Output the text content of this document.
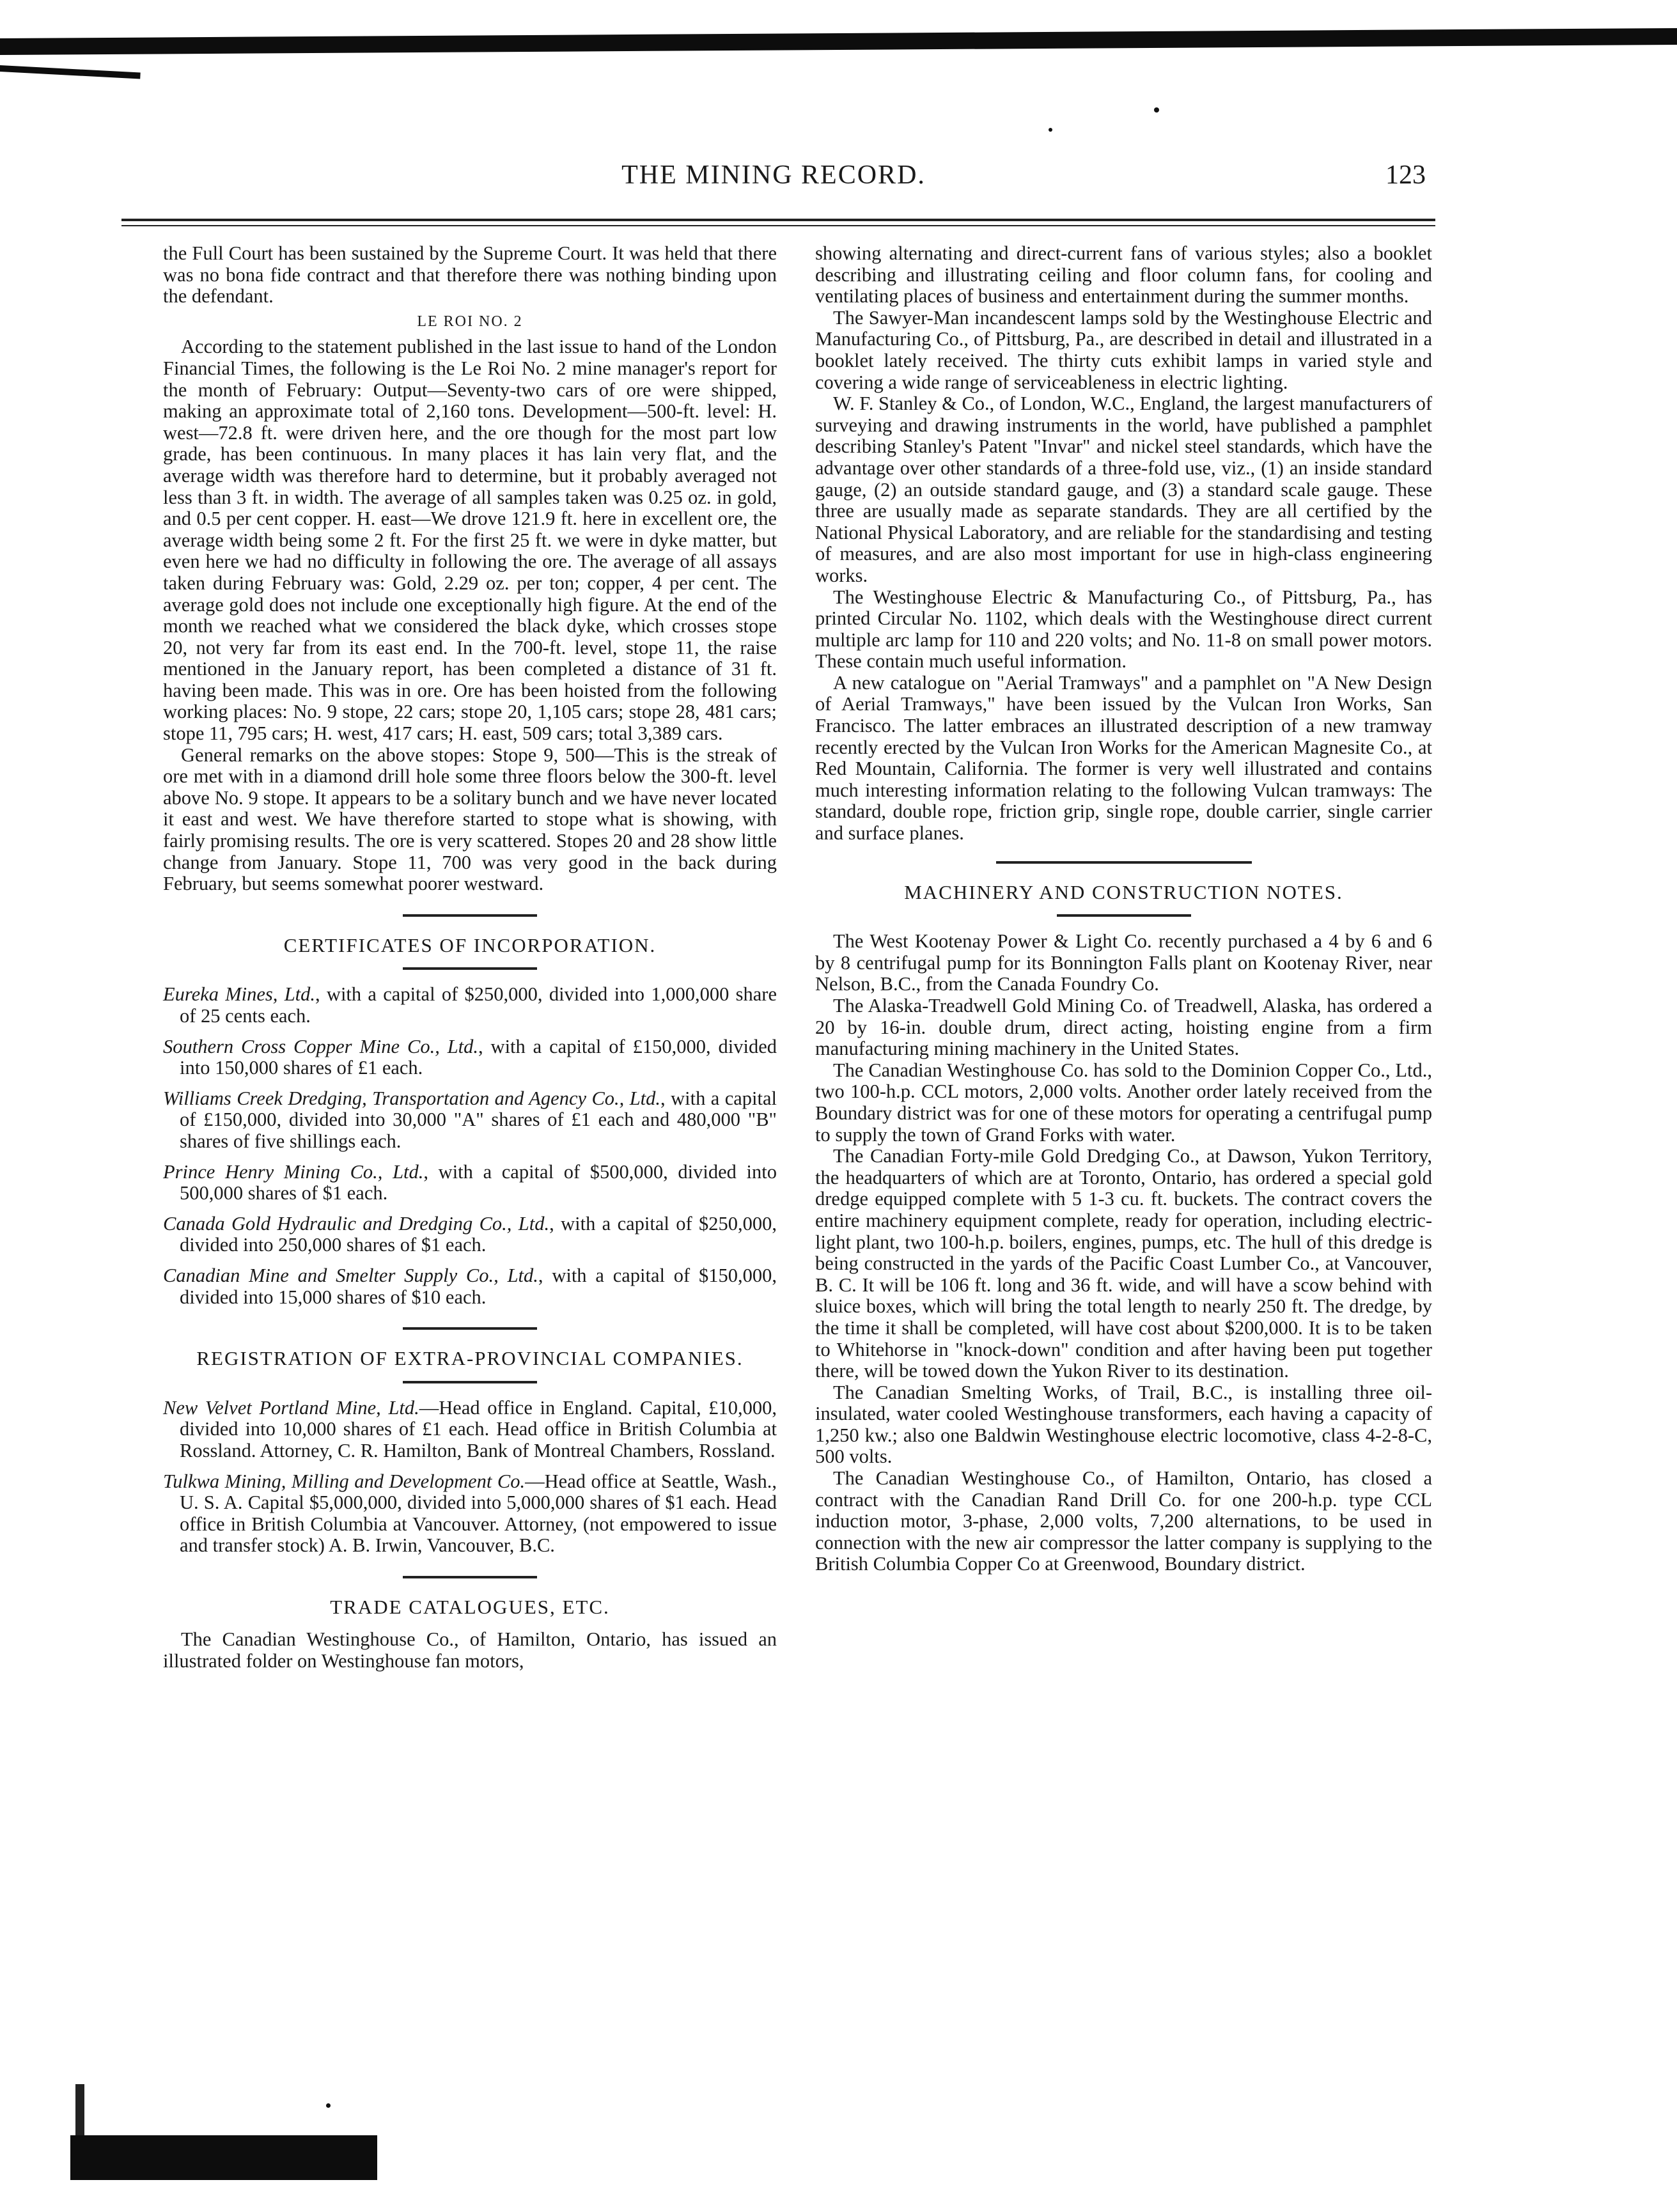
THE MINING RECORD.	123

the Full Court has been sustained by the Supreme Court. It was held that there was no bona fide contract and that therefore there was nothing binding upon the defendant.

LE ROI NO. 2

According to the statement published in the last issue to hand of the London Financial Times, the following is the Le Roi No. 2 mine manager's report for the month of February: Output—Seventy-two cars of ore were shipped, making an approximate total of 2,160 tons. Development—500-ft. level: H. west—72.8 ft. were driven here, and the ore though for the most part low grade, has been continuous. In many places it has lain very flat, and the average width was therefore hard to determine, but it probably averaged not less than 3 ft. in width. The average of all samples taken was 0.25 oz. in gold, and 0.5 per cent copper. H. east—We drove 121.9 ft. here in excellent ore, the average width being some 2 ft. For the first 25 ft. we were in dyke matter, but even here we had no difficulty in following the ore. The average of all assays taken during February was: Gold, 2.29 oz. per ton; copper, 4 per cent. The average gold does not include one exceptionally high figure. At the end of the month we reached what we considered the black dyke, which crosses stope 20, not very far from its east end. In the 700-ft. level, stope 11, the raise mentioned in the January report, has been completed a distance of 31 ft. having been made. This was in ore. Ore has been hoisted from the following working places: No. 9 stope, 22 cars; stope 20, 1,105 cars; stope 28, 481 cars; stope 11, 795 cars; H. west, 417 cars; H. east, 509 cars; total 3,389 cars.

General remarks on the above stopes: Stope 9, 500—This is the streak of ore met with in a diamond drill hole some three floors below the 300-ft. level above No. 9 stope. It appears to be a solitary bunch and we have never located it east and west. We have therefore started to stope what is showing, with fairly promising results. The ore is very scattered. Stopes 20 and 28 show little change from January. Stope 11, 700 was very good in the back during February, but seems somewhat poorer westward.

CERTIFICATES OF INCORPORATION.

Eureka Mines, Ltd., with a capital of $250,000, divided into 1,000,000 share of 25 cents each.

Southern Cross Copper Mine Co., Ltd., with a capital of £150,000, divided into 150,000 shares of £1 each.

Williams Creek Dredging, Transportation and Agency Co., Ltd., with a capital of £150,000, divided into 30,000 "A" shares of £1 each and 480,000 "B" shares of five shillings each.

Prince Henry Mining Co., Ltd., with a capital of $500,000, divided into 500,000 shares of $1 each.

Canada Gold Hydraulic and Dredging Co., Ltd., with a capital of $250,000, divided into 250,000 shares of $1 each.

Canadian Mine and Smelter Supply Co., Ltd., with a capital of $150,000, divided into 15,000 shares of $10 each.

REGISTRATION OF EXTRA-PROVINCIAL COMPANIES.

New Velvet Portland Mine, Ltd.—Head office in England. Capital, £10,000, divided into 10,000 shares of £1 each. Head office in British Columbia at Rossland. Attorney, C. R. Hamilton, Bank of Montreal Chambers, Rossland.

Tulkwa Mining, Milling and Development Co.—Head office at Seattle, Wash., U. S. A. Capital $5,000,000, divided into 5,000,000 shares of $1 each. Head office in British Columbia at Vancouver. Attorney, (not empowered to issue and transfer stock) A. B. Irwin, Vancouver, B.C.

TRADE CATALOGUES, ETC.

The Canadian Westinghouse Co., of Hamilton, Ontario, has issued an illustrated folder on Westinghouse fan motors,

showing alternating and direct-current fans of various styles; also a booklet describing and illustrating ceiling and floor column fans, for cooling and ventilating places of business and entertainment during the summer months.

The Sawyer-Man incandescent lamps sold by the Westinghouse Electric and Manufacturing Co., of Pittsburg, Pa., are described in detail and illustrated in a booklet lately received. The thirty cuts exhibit lamps in varied style and covering a wide range of serviceableness in electric lighting.

W. F. Stanley & Co., of London, W.C., England, the largest manufacturers of surveying and drawing instruments in the world, have published a pamphlet describing Stanley's Patent "Invar" and nickel steel standards, which have the advantage over other standards of a three-fold use, viz., (1) an inside standard gauge, (2) an outside standard gauge, and (3) a standard scale gauge. These three are usually made as separate standards. They are all certified by the National Physical Laboratory, and are reliable for the standardising and testing of measures, and are also most important for use in high-class engineering works.

The Westinghouse Electric & Manufacturing Co., of Pittsburg, Pa., has printed Circular No. 1102, which deals with the Westinghouse direct current multiple arc lamp for 110 and 220 volts; and No. 11-8 on small power motors. These contain much useful information.

A new catalogue on "Aerial Tramways" and a pamphlet on "A New Design of Aerial Tramways," have been issued by the Vulcan Iron Works, San Francisco. The latter embraces an illustrated description of a new tramway recently erected by the Vulcan Iron Works for the American Magnesite Co., at Red Mountain, California. The former is very well illustrated and contains much interesting information relating to the following Vulcan tramways: The standard, double rope, friction grip, single rope, double carrier, single carrier and surface planes.

MACHINERY AND CONSTRUCTION NOTES.

The West Kootenay Power & Light Co. recently purchased a 4 by 6 and 6 by 8 centrifugal pump for its Bonnington Falls plant on Kootenay River, near Nelson, B.C., from the Canada Foundry Co.

The Alaska-Treadwell Gold Mining Co. of Treadwell, Alaska, has ordered a 20 by 16-in. double drum, direct acting, hoisting engine from a firm manufacturing mining machinery in the United States.

The Canadian Westinghouse Co. has sold to the Dominion Copper Co., Ltd., two 100-h.p. CCL motors, 2,000 volts. Another order lately received from the Boundary district was for one of these motors for operating a centrifugal pump to supply the town of Grand Forks with water.

The Canadian Forty-mile Gold Dredging Co., at Dawson, Yukon Territory, the headquarters of which are at Toronto, Ontario, has ordered a special gold dredge equipped complete with 5 1-3 cu. ft. buckets. The contract covers the entire machinery equipment complete, ready for operation, including electric-light plant, two 100-h.p. boilers, engines, pumps, etc. The hull of this dredge is being constructed in the yards of the Pacific Coast Lumber Co., at Vancouver, B. C. It will be 106 ft. long and 36 ft. wide, and will have a scow behind with sluice boxes, which will bring the total length to nearly 250 ft. The dredge, by the time it shall be completed, will have cost about $200,000. It is to be taken to Whitehorse in "knock-down" condition and after having been put together there, will be towed down the Yukon River to its destination.

The Canadian Smelting Works, of Trail, B.C., is installing three oil-insulated, water cooled Westinghouse transformers, each having a capacity of 1,250 kw.; also one Baldwin Westinghouse electric locomotive, class 4-2-8-C, 500 volts.

The Canadian Westinghouse Co., of Hamilton, Ontario, has closed a contract with the Canadian Rand Drill Co. for one 200-h.p. type CCL induction motor, 3-phase, 2,000 volts, 7,200 alternations, to be used in connection with the new air compressor the latter company is supplying to the British Columbia Copper Co at Greenwood, Boundary district.
